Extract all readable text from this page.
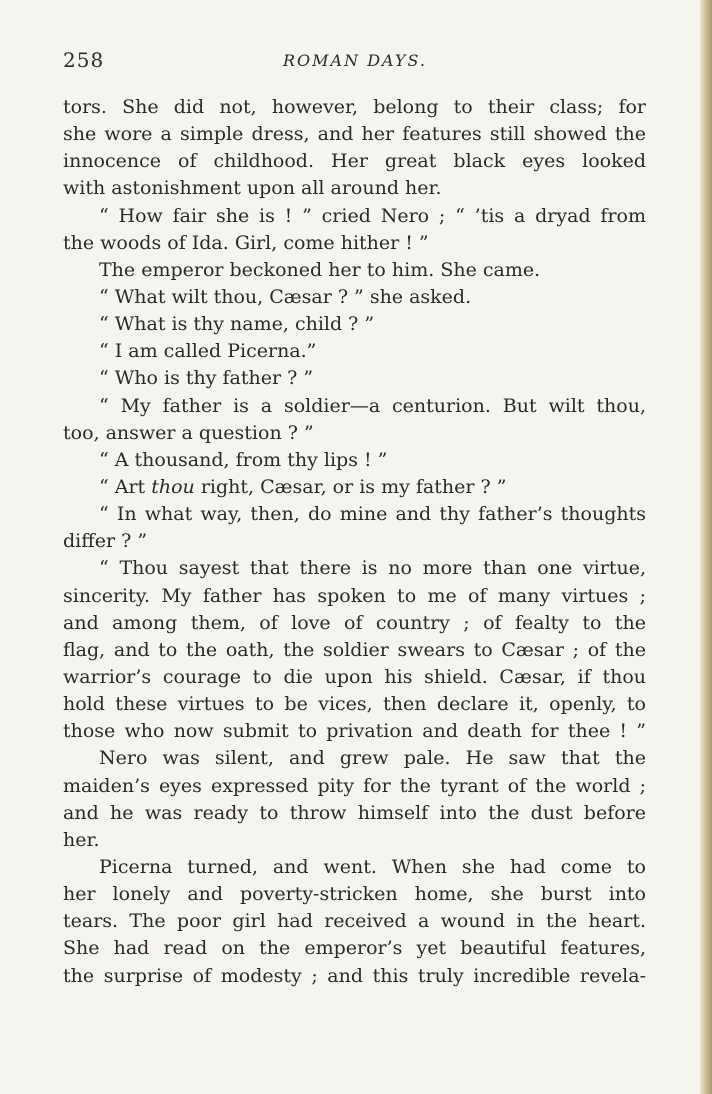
258	ROMAN DAYS.
tors. She did not, however, belong to their class; for
she wore a simple dress, and her features still showed the
innocence of childhood. Her great black eyes looked
with astonishment upon all around her.
“ How fair she is ! ” cried Nero ; “ ’tis a dryad from
the woods of Ida. Girl, come hither ! ”
The emperor beckoned her to him. She came.
“ What wilt thou, Cæsar ? ” she asked.
“ What is thy name, child ? ”
“ I am called Picerna.”
“ Who is thy father ? ”
“ My father is a soldier—a centurion. But wilt thou,
too, answer a question ? ”
“ A thousand, from thy lips ! ”
“ Art thou right, Cæsar, or is my father ? ”
“ In what way, then, do mine and thy father’s thoughts
differ ? ”
“ Thou sayest that there is no more than one virtue,
sincerity. My father has spoken to me of many virtues ;
and among them, of love of country ; of fealty to the
flag, and to the oath, the soldier swears to Cæsar ; of the
warrior’s courage to die upon his shield. Cæsar, if thou
hold these virtues to be vices, then declare it, openly, to
those who now submit to privation and death for thee ! ”
Nero was silent, and grew pale. He saw that the
maiden’s eyes expressed pity for the tyrant of the world ;
and he was ready to throw himself into the dust before
her.
Picerna turned, and went. When she had come to
her lonely and poverty-stricken home, she burst into
tears. The poor girl had received a wound in the heart.
She had read on the emperor’s yet beautiful features,
the surprise of modesty ; and this truly incredible revela-
